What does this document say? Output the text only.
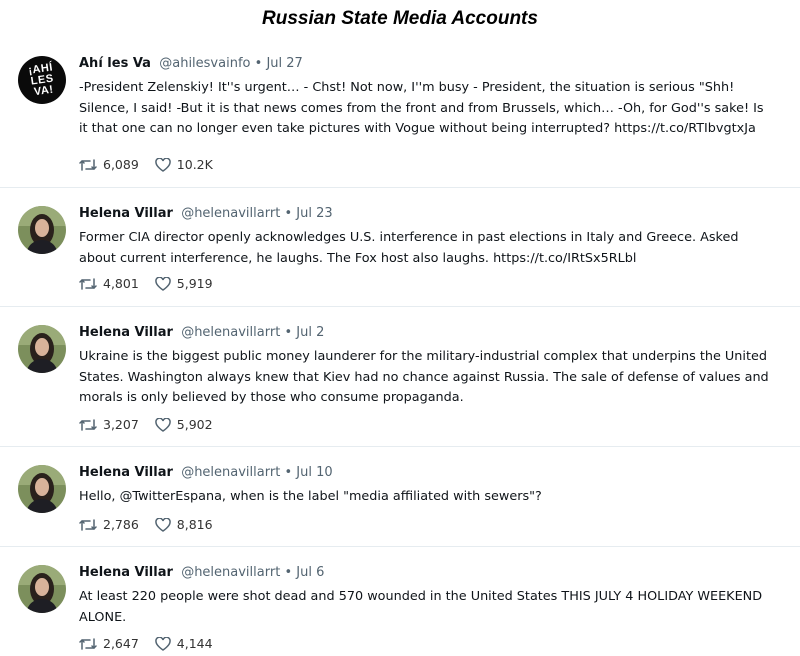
Russian State Media Accounts
¡AHÍ
LES
VA!
Ahí les Va @ahilesvainfo • Jul 27
-President Zelenskiy! It''s urgent… - Chst! Not now, I''m busy - President, the situation is serious "Shh! Silence, I said! -But it is that news comes from the front and from Brussels, which… -Oh, for God''s sake! Is it that one can no longer even take pictures with Vogue without being interrupted? https://t.co/RTIbvgtxJa
6,089	10.2K
Helena Villar @helenavillarrt • Jul 23
Former CIA director openly acknowledges U.S. interference in past elections in Italy and Greece. Asked about current interference, he laughs. The Fox host also laughs. https://t.co/IRtSx5RLbl
4,801	5,919
Helena Villar @helenavillarrt • Jul 2
Ukraine is the biggest public money launderer for the military-industrial complex that underpins the United States. Washington always knew that Kiev had no chance against Russia. The sale of defense of values and morals is only believed by those who consume propaganda.
3,207	5,902
Helena Villar @helenavillarrt • Jul 10
Hello, @TwitterEspana, when is the label "media affiliated with sewers"?
2,786	8,816
Helena Villar @helenavillarrt • Jul 6
At least 220 people were shot dead and 570 wounded in the United States THIS JULY 4 HOLIDAY WEEKEND ALONE.
2,647	4,144
